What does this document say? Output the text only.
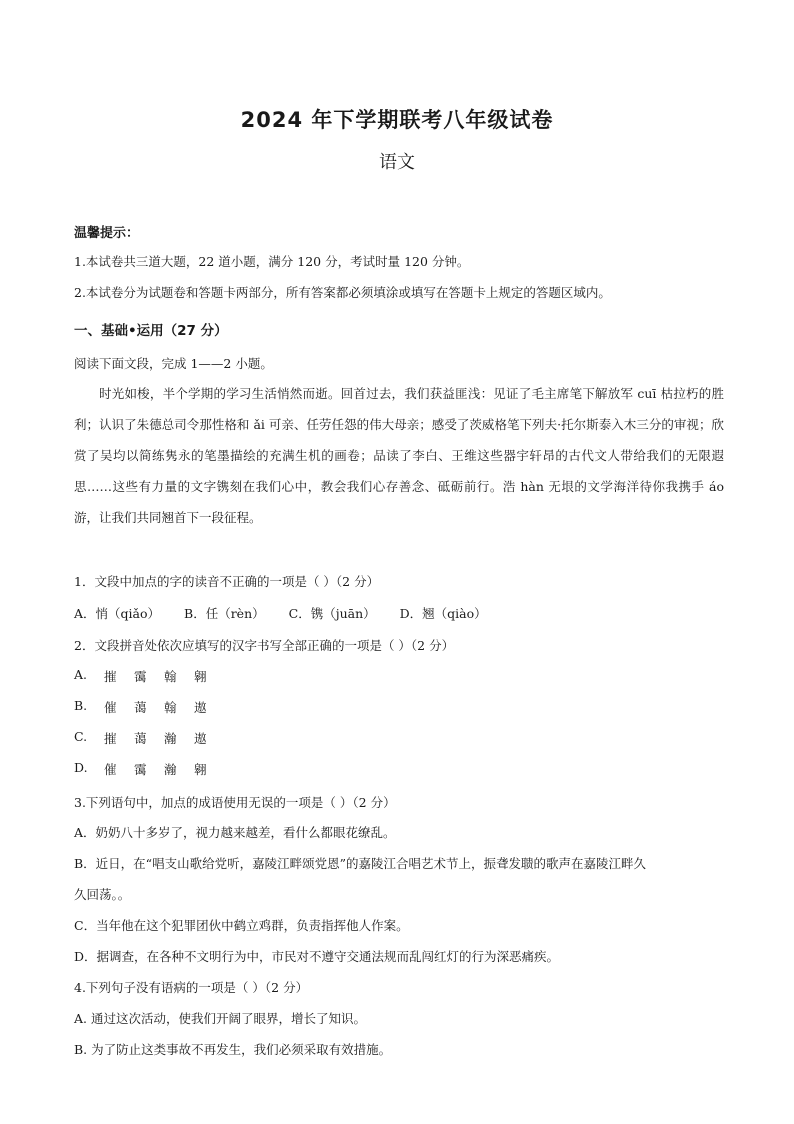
2024 年下学期联考八年级试卷
语文
温馨提示：
1.本试卷共三道大题，22 道小题，满分 120 分，考试时量 120 分钟。
2.本试卷分为试题卷和答题卡两部分，所有答案都必须填涂或填写在答题卡上规定的答题区域内。
一、基础•运用（27 分）
阅读下面文段，完成 1——2 小题。

时光如梭，半个学期的学习生活悄然而逝。回首过去，我们获益匪浅：见证了毛主席笔下解放军 cuī 枯拉朽的胜利；认识了朱德总司令那性格和 ǎi 可亲、任劳任怨的伟大母亲；感受了茨威格笔下列夫·托尔斯泰入木三分的审视；欣赏了吴均以简练隽永的笔墨描绘的充满生机的画卷；品读了李白、王维这些器宇轩昂的古代文人带给我们的无限遐思……这些有力量的文字镌刻在我们心中，教会我们心存善念、砥砺前行。浩 hàn 无垠的文学海洋待你我携手 áo 游，让我们共同翘首下一段征程。

1．文段中加点的字的读音不正确的一项是（ ）（2 分）
A．悄（qiǎo） B．任（rèn） C．镌（juān） D．翘（qiào）
2．文段拼音处依次应填写的汉字书写全部正确的一项是（ ）（2 分）
A.	摧	霭	翰	翱
B.	催	蔼	翰	遨
C.	摧	蔼	瀚	遨
D.	催	霭	瀚	翱
3.下列语句中，加点的成语使用无误的一项是（ ）（2 分）
A．奶奶八十多岁了，视力越来越差，看什么都眼花缭乱。
B．近日，在“唱支山歌给党听，嘉陵江畔颂党恩”的嘉陵江合唱艺术节上，振聋发聩的歌声在嘉陵江畔久
久回荡。。
C．当年他在这个犯罪团伙中鹤立鸡群，负责指挥他人作案。
D．据调查，在各种不文明行为中，市民对不遵守交通法规而乱闯红灯的行为深恶痛疾。
4.下列句子没有语病的一项是（ ）（2 分）
A. 通过这次活动，使我们开阔了眼界，增长了知识。
B. 为了防止这类事故不再发生，我们必须采取有效措施。
